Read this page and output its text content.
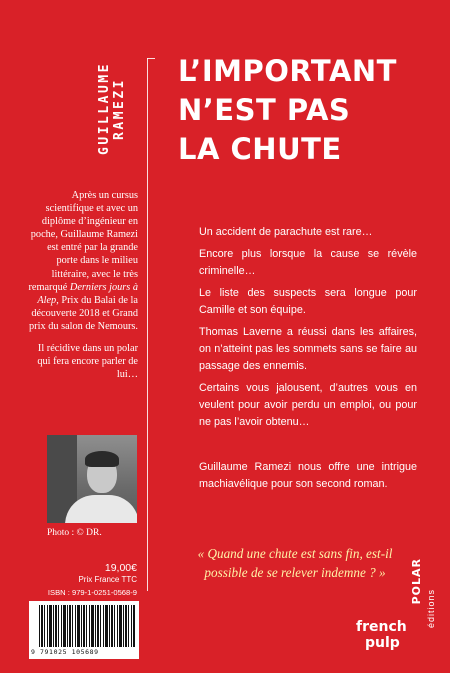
GUILLAUME
RAMEZI
L’IMPORTANT
N’EST PAS
LA CHUTE

Après un cursus scientifique et avec un diplôme d’ingénieur en poche, Guillaume Ramezi est entré par la grande porte dans le milieu littéraire, avec le très remarqué Derniers jours à Alep, Prix du Balai de la découverte 2018 et Grand prix du salon de Nemours.

Il récidive dans un polar qui fera encore parler de lui…

Photo : © DR.
19,00€
Prix France TTC
ISBN : 979-1-0251-0568-9
9 791025 105689

Un accident de parachute est rare…

Encore plus lorsque la cause se révèle criminelle…

Le liste des suspects sera longue pour Camille et son équipe.

Thomas Laverne a réussi dans les affaires, on n’atteint pas les sommets sans se faire au passage des ennemis.

Certains vous jalousent, d’autres vous en veulent pour avoir perdu un emploi, ou pour ne pas l’avoir obtenu…

Guillaume Ramezi nous offre une intrigue machiavélique pour son second roman.

« Quand une chute est sans fin, est-il possible de se relever indemne ? »	POLAR
éditions
french
pulp
